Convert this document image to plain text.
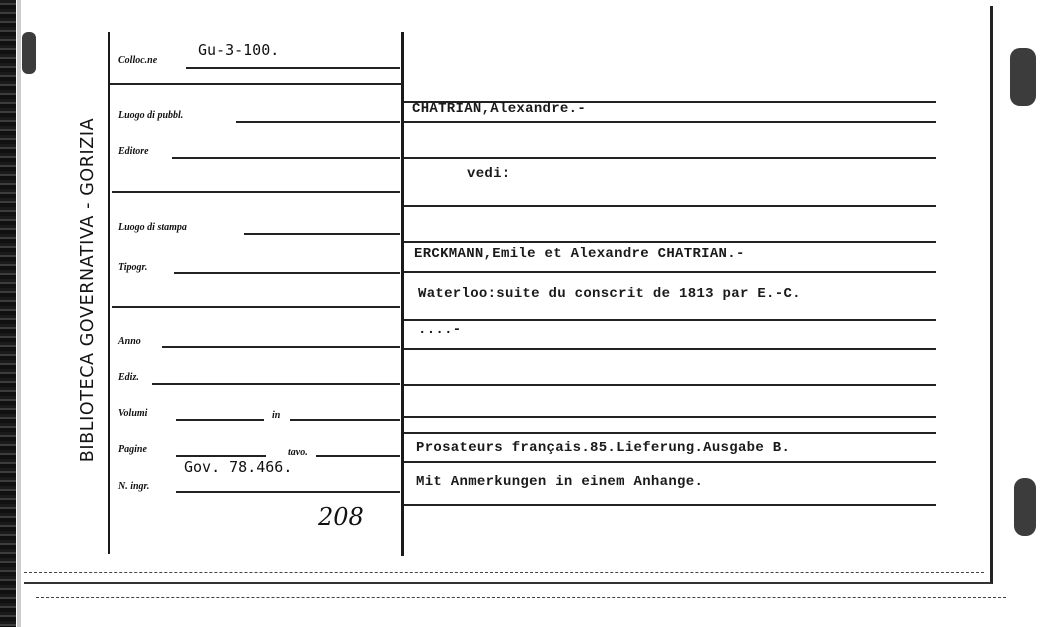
BIBLIOTECA GOVERNATIVA - GORIZIA
Colloc.ne
Gu-3-100.
Luogo di pubbl.
Editore
Luogo di stampa
Tipogr.
Anno
Ediz.
Volumi	in
Pagine	tavo.
Gov. 78.466.
N. ingr.
208
CHATRIAN,Alexandre.-
vedi:
ERCKMANN,Emile et Alexandre CHATRIAN.-
Waterloo:suite du conscrit de 1813 par E.-C.
....-
Prosateurs français.85.Lieferung.Ausgabe B.
Mit Anmerkungen in einem Anhange.
